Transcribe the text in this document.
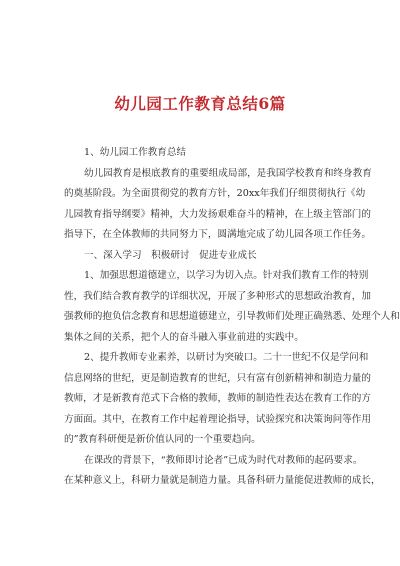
幼儿园工作教育总结6篇
1、幼儿园工作教育总结
幼儿园教育是根底教育的重要组成局部，是我国学校教育和终身教育
的奠基阶段。为全面贯彻党的教育方针，20xx年我们仔细贯彻执行《幼
儿园教育指导纲要》精神，大力发扬艰难奋斗的精神，在上级主管部门的
指导下，在全体教师的共同努力下，圆满地完成了幼儿园各项工作任务。
一、深入学习　积极研讨　促进专业成长
1、加强思想道德建立，以学习为切入点。针对我们教育工作的特别
性，我们结合教育教学的详细状况，开展了多种形式的思想政治教育，加
强教师的抱负信念教育和思想道德建立，引导教师们处理正确熟悉、处理个人和
集体之间的关系，把个人的奋斗融入事业前进的实践中。
2、提升教师专业素养，以研讨为突破口。二十一世纪不仅是学问和
信息网络的世纪，更是制造教育的世纪，只有富有创新精神和制造力量的
教师，才是新教育范式下合格的教师，教师的制造性表达在教育工作的方
方面面。其中，在教育工作中起着理论指导，试验探究和决策询问等作用
的”教育科研便是新价值认同的一个重要趋向。
在课改的背景下，“教师即讨论者”已成为时代对教师的起码要求。
在某种意义上，科研力量就是制造力量。具备科研力量能促进教师的成长，
